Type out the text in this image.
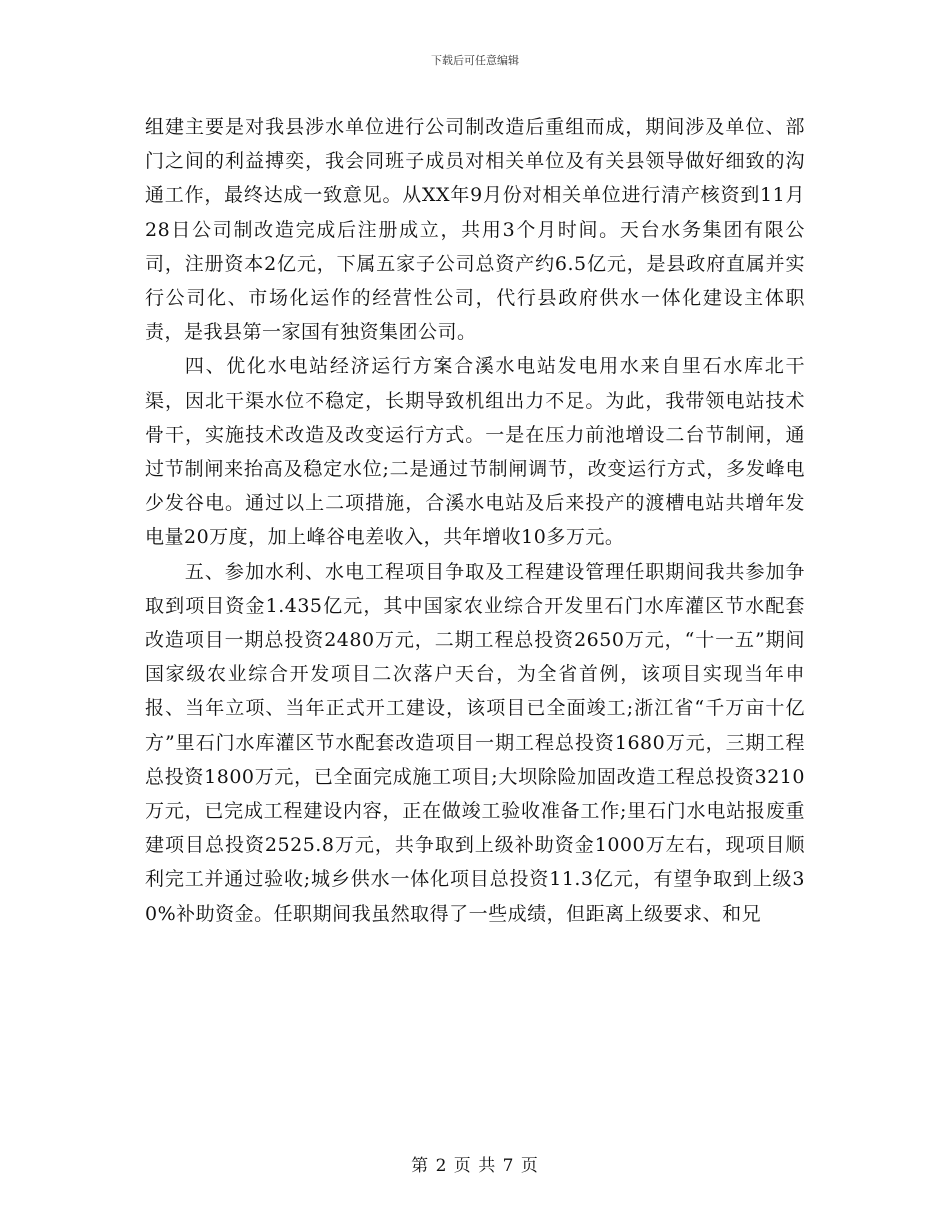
下载后可任意编辑

组建主要是对我县涉水单位进行公司制改造后重组而成，期间涉及单位、部门之间的利益搏奕，我会同班子成员对相关单位及有关县领导做好细致的沟通工作，最终达成一致意见。从XX年9月份对相关单位进行清产核资到11月28日公司制改造完成后注册成立，共用3个月时间。天台水务集团有限公司，注册资本2亿元，下属五家子公司总资产约6.5亿元，是县政府直属并实行公司化、市场化运作的经营性公司，代行县政府供水一体化建设主体职责，是我县第一家国有独资集团公司。

四、优化水电站经济运行方案合溪水电站发电用水来自里石水库北干渠，因北干渠水位不稳定，长期导致机组出力不足。为此，我带领电站技术骨干，实施技术改造及改变运行方式。一是在压力前池增设二台节制闸，通过节制闸来抬高及稳定水位;二是通过节制闸调节，改变运行方式，多发峰电少发谷电。通过以上二项措施，合溪水电站及后来投产的渡槽电站共增年发电量20万度，加上峰谷电差收入，共年增收10多万元。

五、参加水利、水电工程项目争取及工程建设管理任职期间我共参加争取到项目资金1.435亿元，其中国家农业综合开发里石门水库灌区节水配套改造项目一期总投资2480万元，二期工程总投资2650万元，“十一五”期间国家级农业综合开发项目二次落户天台，为全省首例，该项目实现当年申报、当年立项、当年正式开工建设，该项目已全面竣工;浙江省“千万亩十亿方”里石门水库灌区节水配套改造项目一期工程总投资1680万元，三期工程总投资1800万元，已全面完成施工项目;大坝除险加固改造工程总投资3210万元，已完成工程建设内容，正在做竣工验收准备工作;里石门水电站报废重建项目总投资2525.8万元，共争取到上级补助资金1000万左右，现项目顺利完工并通过验收;城乡供水一体化项目总投资11.3亿元，有望争取到上级30%补助资金。任职期间我虽然取得了一些成绩，但距离上级要求、和兄

第 2 页 共 7 页
